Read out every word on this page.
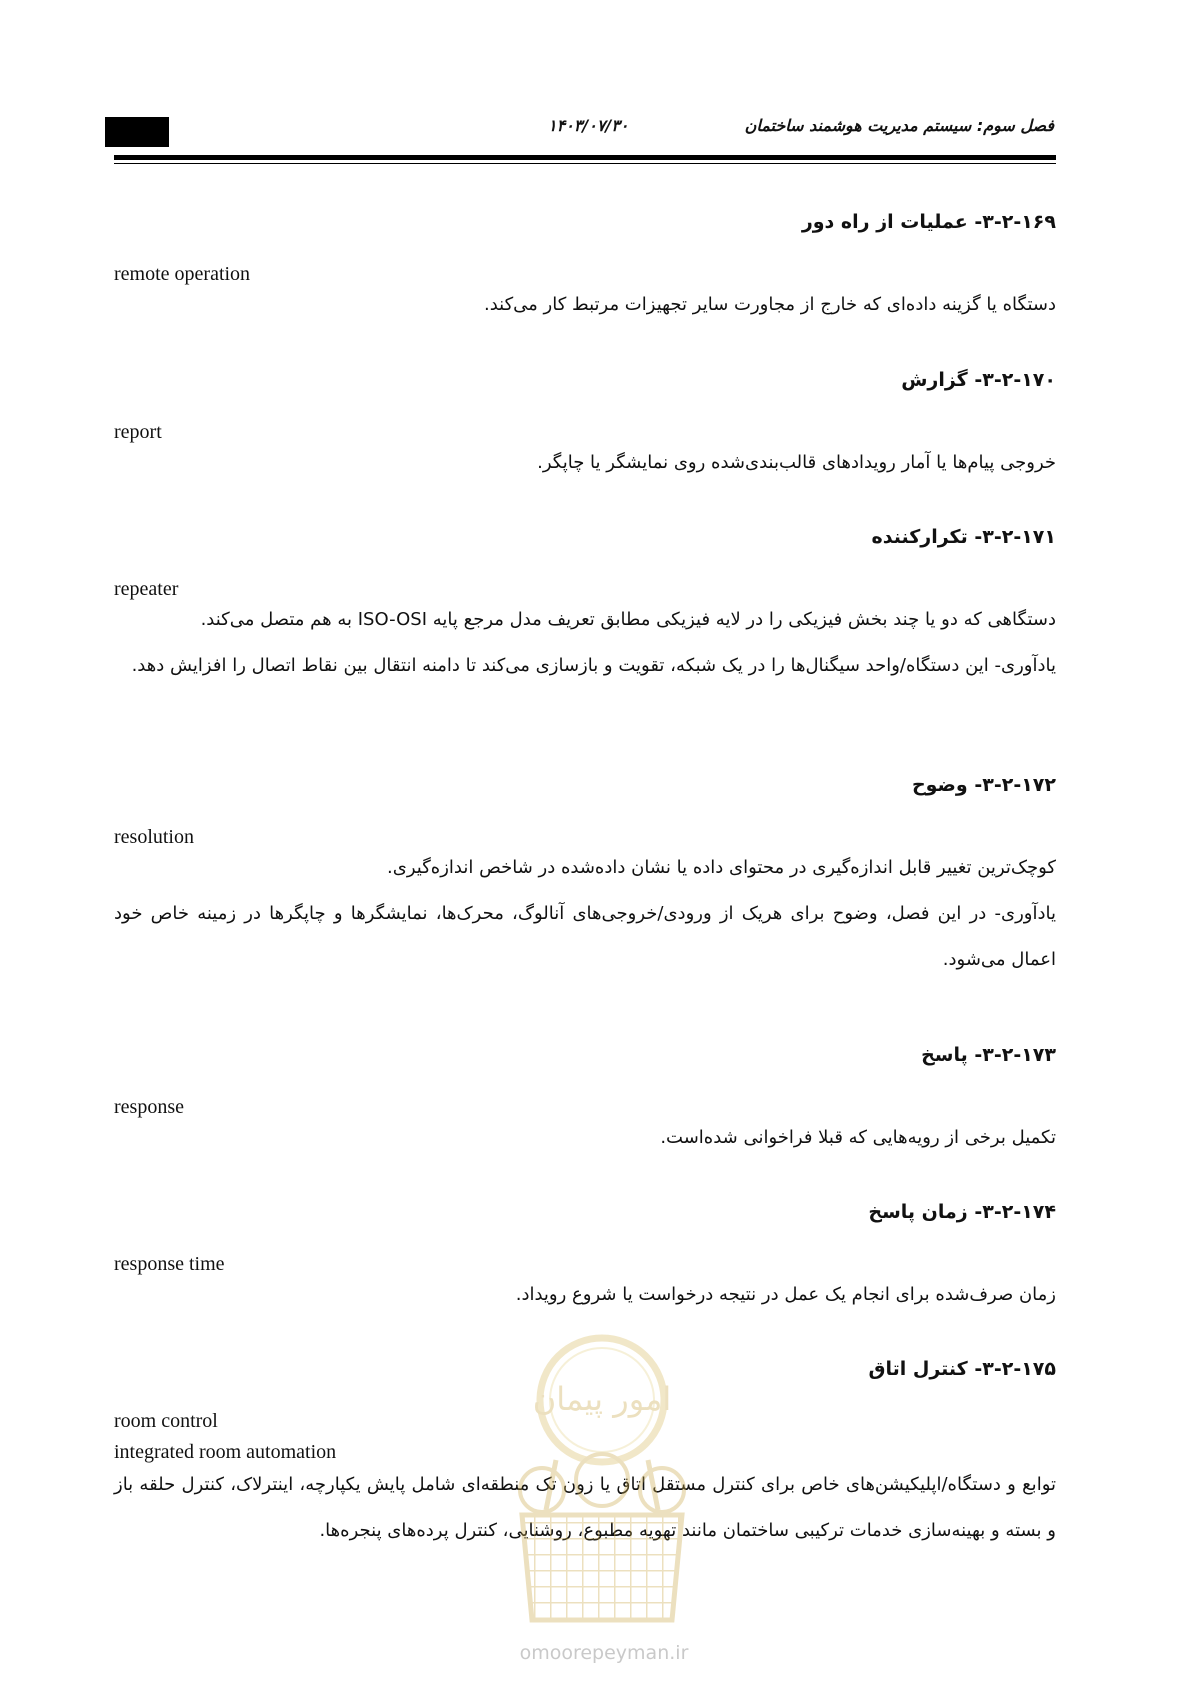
فصل سوم: سیستم مدیریت هوشمند ساختمان
۱۴۰۳/۰۷/۳۰

۳-۲-۱۶۹- عملیات از راه دور

remote operation

دستگاه یا گزینه داده‌ای که خارج از مجاورت سایر تجهیزات مرتبط کار می‌کند.

۳-۲-۱۷۰- گزارش

report

خروجی پیام‌ها یا آمار رویدادهای قالب‌بندی‌شده روی نمایشگر یا چاپگر.

۳-۲-۱۷۱- تکرارکننده

repeater

دستگاهی که دو یا چند بخش فیزیکی را در لایه فیزیکی مطابق تعریف مدل مرجع پایه ISO-OSI به هم متصل می‌کند.

یادآوری- این دستگاه/واحد سیگنال‌ها را در یک شبکه، تقویت و بازسازی می‌کند تا دامنه انتقال بین نقاط اتصال را افزایش دهد.

۳-۲-۱۷۲- وضوح

resolution

کوچک‌ترین تغییر قابل اندازه‌گیری در محتوای داده یا نشان داده‌شده در شاخص اندازه‌گیری.

یادآوری- در این فصل، وضوح برای هریک از ورودی/خروجی‌های آنالوگ، محرک‌ها، نمایشگرها و چاپگرها در زمینه خاص خود اعمال می‌شود.

۳-۲-۱۷۳- پاسخ

response

تکمیل برخی از رویه‌هایی که قبلا فراخوانی شده‌است.

۳-۲-۱۷۴- زمان پاسخ

response time

زمان صرف‌شده برای انجام یک عمل در نتیجه درخواست یا شروع رویداد.

۳-۲-۱۷۵- کنترل اتاق

room control

integrated room automation

توابع و دستگاه/اپلیکیشن‌های خاص برای کنترل مستقل اتاق یا زون تک منطقه‌ای شامل پایش یکپارچه، اینترلاک، کنترل حلقه باز و بسته و بهینه‌سازی خدمات ترکیبی ساختمان مانند تهویه مطبوع، روشنایی، کنترل پرده‌های پنجره‌ها.

امور پیمان
omoorepeyman.ir
